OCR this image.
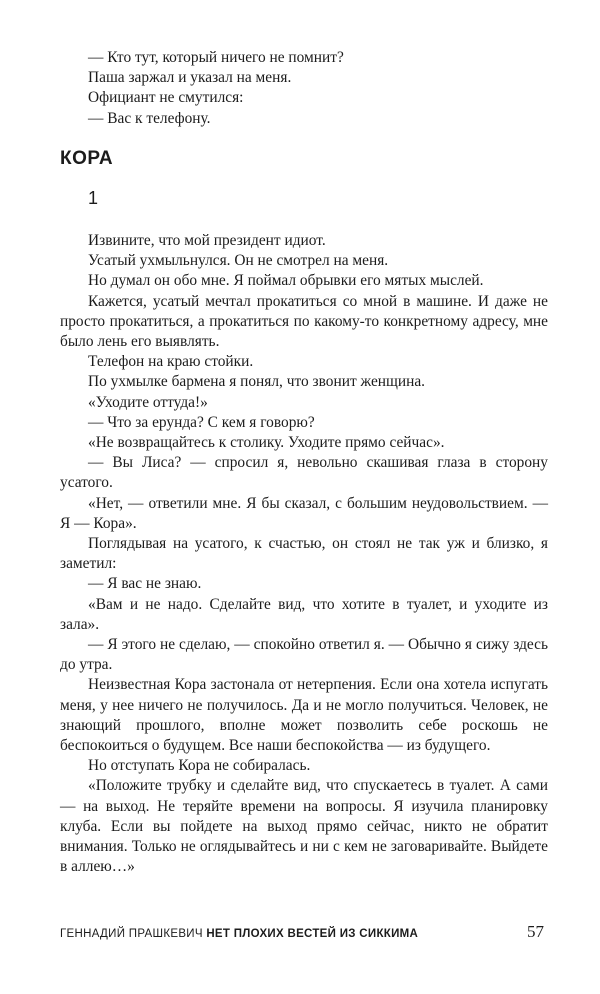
— Кто тут, который ничего не помнит?

Паша заржал и указал на меня.

Официант не смутился:

— Вас к телефону.

КОРА
1

Извините, что мой президент идиот.

Усатый ухмыльнулся. Он не смотрел на меня.

Но думал он обо мне. Я поймал обрывки его мятых мыслей.

Кажется, усатый мечтал прокатиться со мной в машине. И даже не просто прокатиться, а прокатиться по какому-то конкретному адресу, мне было лень его выявлять.

Телефон на краю стойки.

По ухмылке бармена я понял, что звонит женщина.

«Уходите оттуда!»

— Что за ерунда? С кем я говорю?

«Не возвращайтесь к столику. Уходите прямо сейчас».

— Вы Лиса? — спросил я, невольно скашивая глаза в сторону усатого.

«Нет, — ответили мне. Я бы сказал, с большим неудовольствием. — Я — Кора».

Поглядывая на усатого, к счастью, он стоял не так уж и близко, я заметил:

— Я вас не знаю.

«Вам и не надо. Сделайте вид, что хотите в туалет, и уходите из зала».

— Я этого не сделаю, — спокойно ответил я. — Обычно я сижу здесь до утра.

Неизвестная Кора застонала от нетерпения. Если она хотела испугать меня, у нее ничего не получилось. Да и не могло получиться. Человек, не знающий прошлого, вполне может позволить себе роскошь не беспокоиться о будущем. Все наши беспокойства — из будущего.

Но отступать Кора не собиралась.

«Положите трубку и сделайте вид, что спускаетесь в туалет. А сами — на выход. Не теряйте времени на вопросы. Я изучила планировку клуба. Если вы пойдете на выход прямо сейчас, никто не обратит внимания. Только не оглядывайтесь и ни с кем не заговаривайте. Выйдете в аллею…»

ГЕННАДИЙ ПРАШКЕВИЧ НЕТ ПЛОХИХ ВЕСТЕЙ ИЗ СИККИМА	57
